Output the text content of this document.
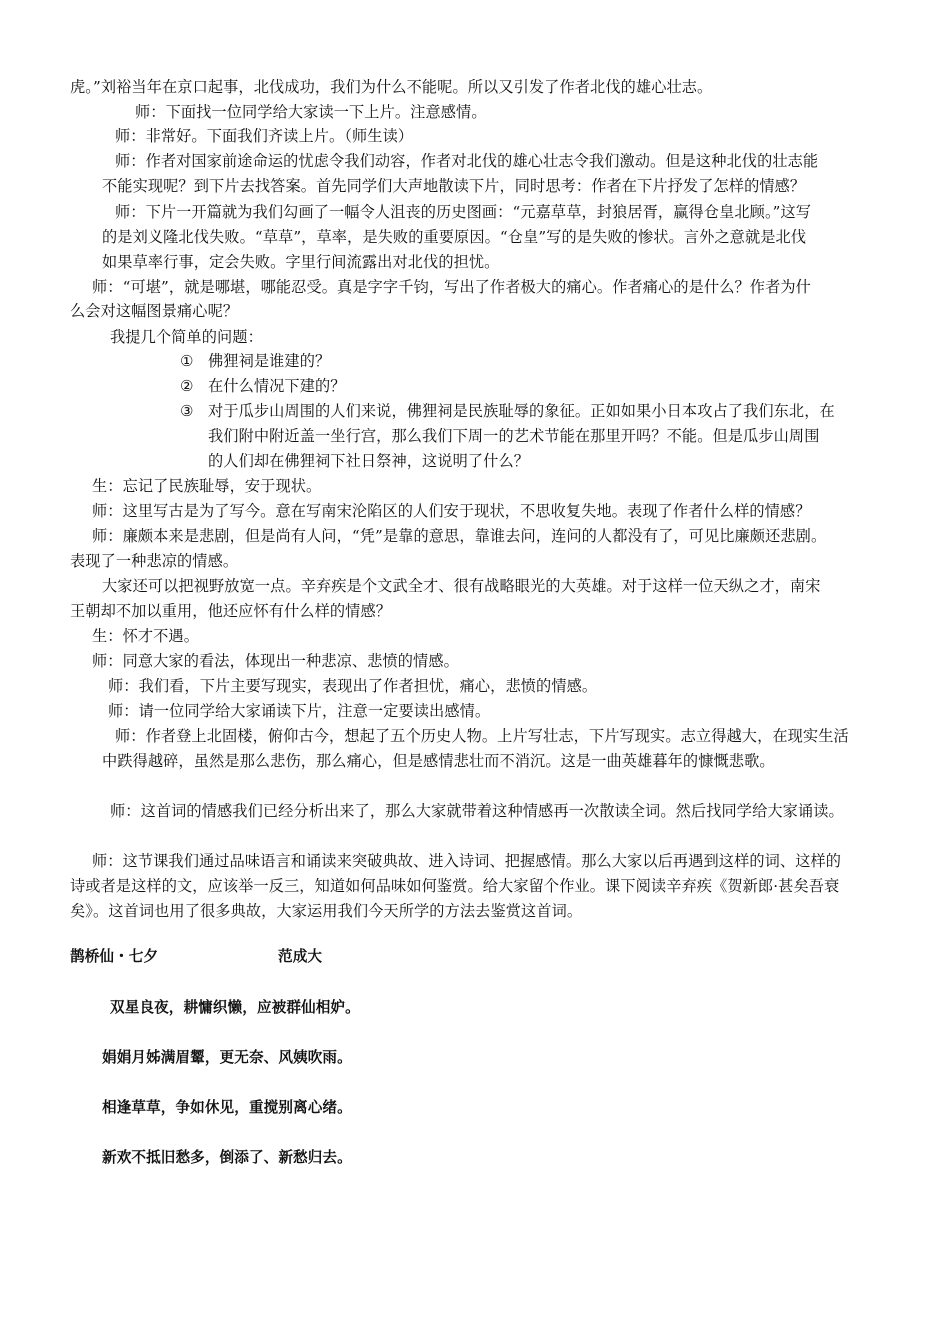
虎。”刘裕当年在京口起事，北伐成功，我们为什么不能呢。所以又引发了作者北伐的雄心壮志。
师：下面找一位同学给大家读一下上片。注意感情。
师：非常好。下面我们齐读上片。（师生读）
师：作者对国家前途命运的忧虑令我们动容，作者对北伐的雄心壮志令我们激动。但是这种北伐的壮志能
不能实现呢？到下片去找答案。首先同学们大声地散读下片，同时思考：作者在下片抒发了怎样的情感？
师：下片一开篇就为我们勾画了一幅令人沮丧的历史图画：“元嘉草草，封狼居胥，赢得仓皇北顾。”这写
的是刘义隆北伐失败。“草草”，草率，是失败的重要原因。“仓皇”写的是失败的惨状。言外之意就是北伐
如果草率行事，定会失败。字里行间流露出对北伐的担忧。
师：“可堪”，就是哪堪，哪能忍受。真是字字千钧，写出了作者极大的痛心。作者痛心的是什么？作者为什
么会对这幅图景痛心呢？
我提几个简单的问题：
① 佛狸祠是谁建的？
② 在什么情况下建的？
③ 对于瓜步山周围的人们来说，佛狸祠是民族耻辱的象征。正如如果小日本攻占了我们东北，在
我们附中附近盖一坐行宫，那么我们下周一的艺术节能在那里开吗？不能。但是瓜步山周围
的人们却在佛狸祠下社日祭神，这说明了什么？
生：忘记了民族耻辱，安于现状。
师：这里写古是为了写今。意在写南宋沦陷区的人们安于现状，不思收复失地。表现了作者什么样的情感？
师：廉颇本来是悲剧，但是尚有人问，“凭”是靠的意思，靠谁去问，连问的人都没有了，可见比廉颇还悲剧。
表现了一种悲凉的情感。
大家还可以把视野放宽一点。辛弃疾是个文武全才、很有战略眼光的大英雄。对于这样一位天纵之才，南宋
王朝却不加以重用，他还应怀有什么样的情感？
生：怀才不遇。
师：同意大家的看法，体现出一种悲凉、悲愤的情感。
师：我们看，下片主要写现实，表现出了作者担忧，痛心，悲愤的情感。
师：请一位同学给大家诵读下片，注意一定要读出感情。
师：作者登上北固楼，俯仰古今，想起了五个历史人物。上片写壮志，下片写现实。志立得越大，在现实生活
中跌得越碎，虽然是那么悲伤，那么痛心，但是感情悲壮而不消沉。这是一曲英雄暮年的慷慨悲歌。
师：这首词的情感我们已经分析出来了，那么大家就带着这种情感再一次散读全词。然后找同学给大家诵读。
师：这节课我们通过品味语言和诵读来突破典故、进入诗词、把握感情。那么大家以后再遇到这样的词、这样的
诗或者是这样的文，应该举一反三，知道如何品味如何鉴赏。给大家留个作业。课下阅读辛弃疾《贺新郎·甚矣吾衰
矣》。这首词也用了很多典故，大家运用我们今天所学的方法去鉴赏这首词。
鹊桥仙・七夕	范成大
双星良夜，耕慵织懒，应被群仙相妒。
娟娟月姊满眉颦，更无奈、风姨吹雨。
相逢草草，争如休见，重搅别离心绪。
新欢不抵旧愁多，倒添了、新愁归去。
